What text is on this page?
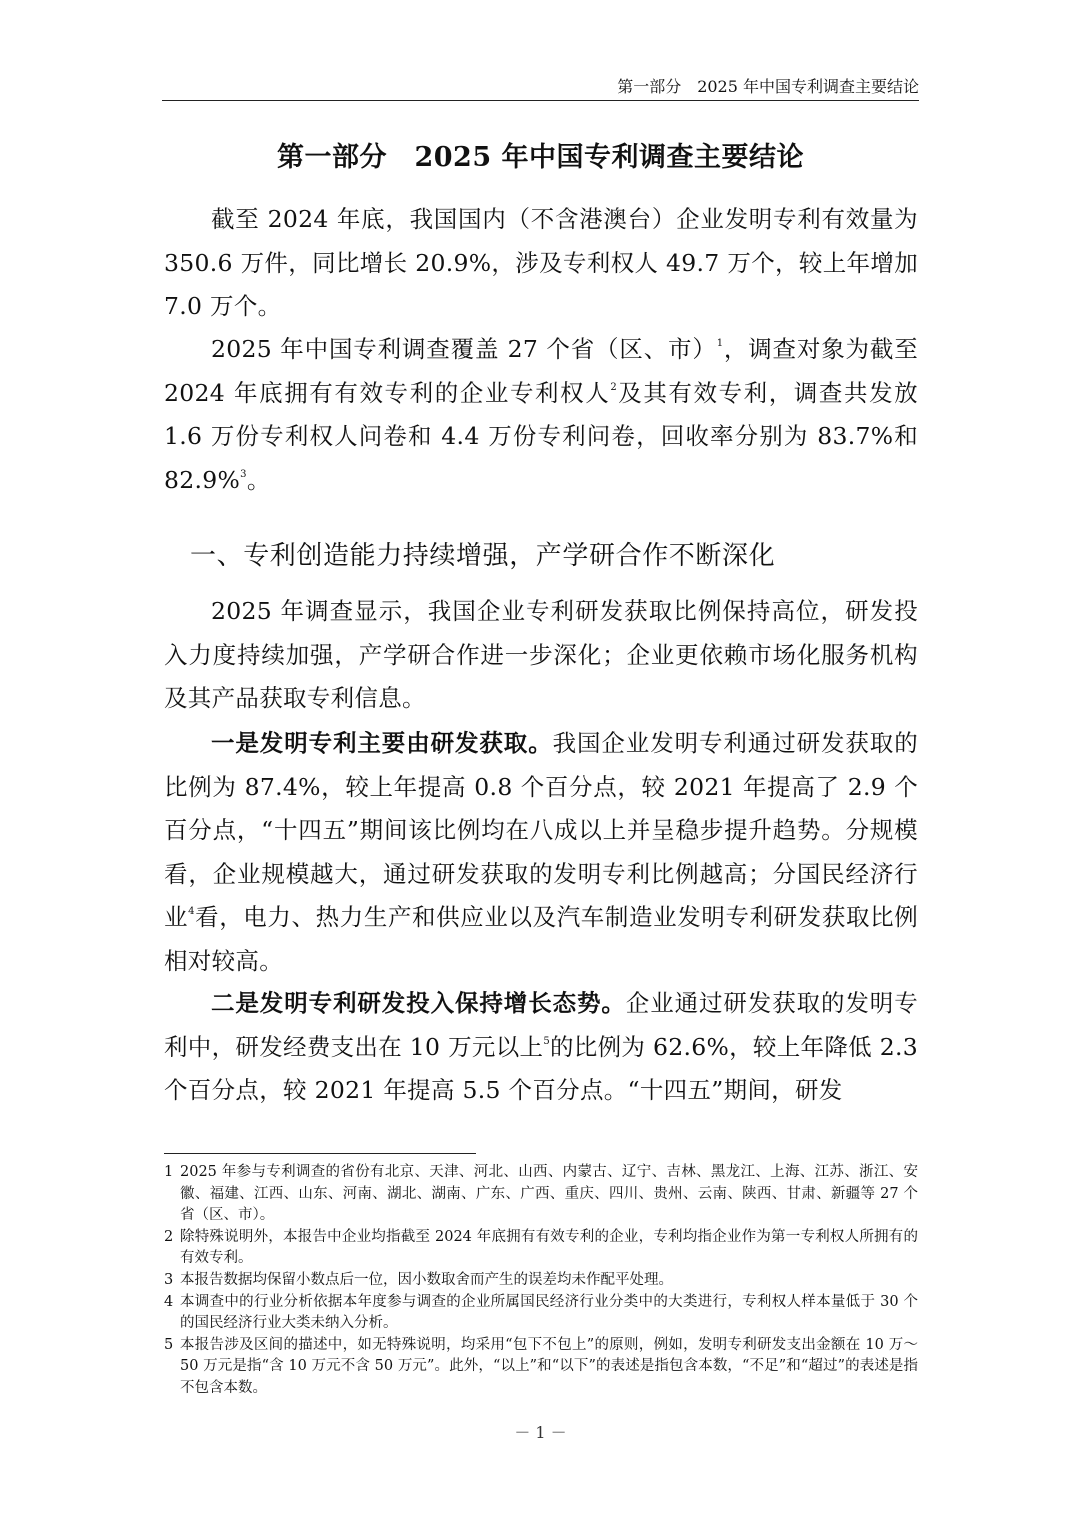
第一部分　2025 年中国专利调查主要结论
第一部分　2025 年中国专利调查主要结论

截至 2024 年底，我国国内（不含港澳台）企业发明专利有效量为 350.6 万件，同比增长 20.9%，涉及专利权人 49.7 万个，较上年增加 7.0 万个。

2025 年中国专利调查覆盖 27 个省（区、市）$^1$，调查对象为截至 2024 年底拥有有效专利的企业专利权人$^2$及其有效专利，调查共发放 1.6 万份专利权人问卷和 4.4 万份专利问卷，回收率分别为 83.7%和 82.9%$^3$。

一、专利创造能力持续增强，产学研合作不断深化

2025 年调查显示，我国企业专利研发获取比例保持高位，研发投入力度持续加强，产学研合作进一步深化；企业更依赖市场化服务机构及其产品获取专利信息。

一是发明专利主要由研发获取。我国企业发明专利通过研发获取的比例为 87.4%，较上年提高 0.8 个百分点，较 2021 年提高了 2.9 个百分点，“十四五”期间该比例均在八成以上并呈稳步提升趋势。分规模看，企业规模越大，通过研发获取的发明专利比例越高；分国民经济行业$^4$看，电力、热力生产和供应业以及汽车制造业发明专利研发获取比例相对较高。

二是发明专利研发投入保持增长态势。企业通过研发获取的发明专利中，研发经费支出在 10 万元以上$^5$的比例为 62.6%，较上年降低 2.3 个百分点，较 2021 年提高 5.5 个百分点。“十四五”期间，研发

1 2025 年参与专利调查的省份有北京、天津、河北、山西、内蒙古、辽宁、吉林、黑龙江、上海、江苏、浙江、安徽、福建、江西、山东、河南、湖北、湖南、广东、广西、重庆、四川、贵州、云南、陕西、甘肃、新疆等 27 个省（区、市）。
2 除特殊说明外，本报告中企业均指截至 2024 年底拥有有效专利的企业，专利均指企业作为第一专利权人所拥有的有效专利。
3 本报告数据均保留小数点后一位，因小数取舍而产生的误差均未作配平处理。
4 本调查中的行业分析依据本年度参与调查的企业所属国民经济行业分类中的大类进行，专利权人样本量低于 30 个的国民经济行业大类未纳入分析。
5 本报告涉及区间的描述中，如无特殊说明，均采用“包下不包上”的原则，例如，发明专利研发支出金额在 10 万～50 万元是指“含 10 万元不含 50 万元”。此外，“以上”和“以下”的表述是指包含本数，“不足”和“超过”的表述是指不包含本数。
－ 1 －
